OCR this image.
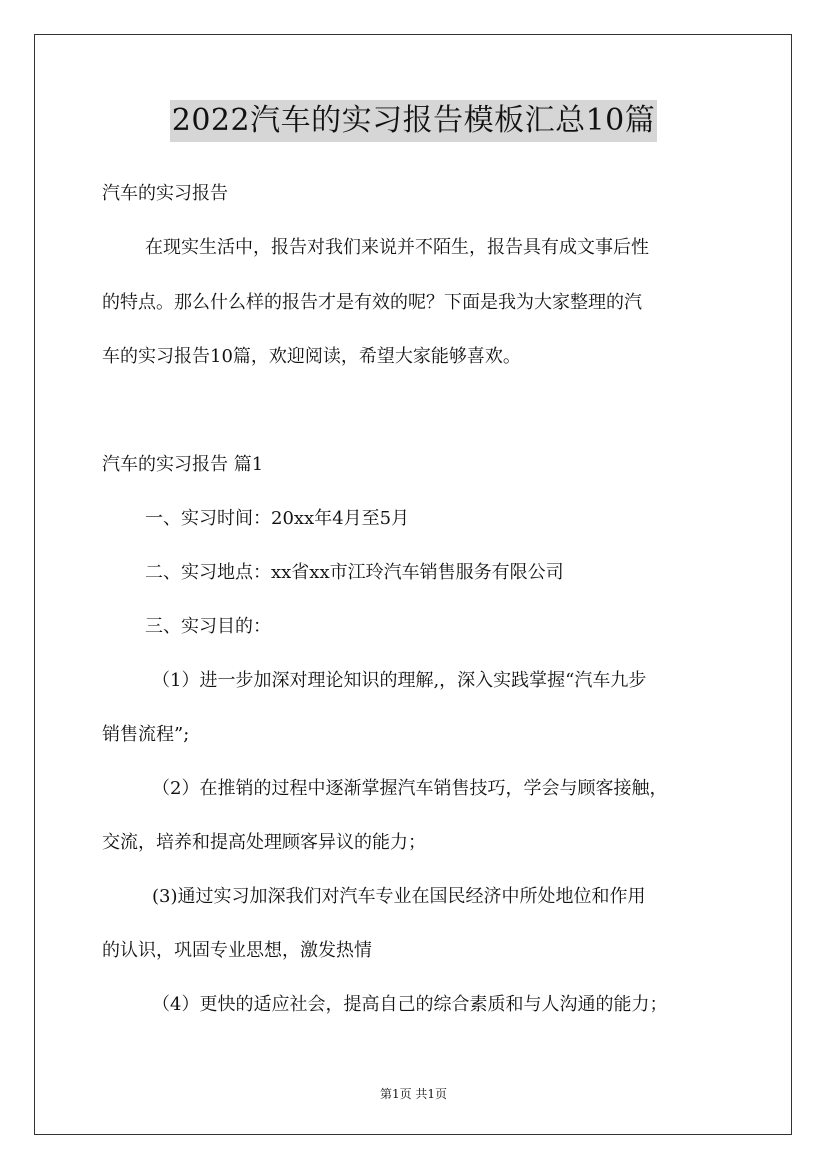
2022汽车的实习报告模板汇总10篇
汽车的实习报告
在现实生活中，报告对我们来说并不陌生，报告具有成文事后性
的特点。那么什么样的报告才是有效的呢？下面是我为大家整理的汽
车的实习报告10篇，欢迎阅读，希望大家能够喜欢。
汽车的实习报告 篇1
一、实习时间：20xx年4月至5月
二、实习地点：xx省xx市江玲汽车销售服务有限公司
三、实习目的：
（1）进一步加深对理论知识的理解,，深入实践掌握“汽车九步
销售流程”;
（2）在推销的过程中逐渐掌握汽车销售技巧，学会与顾客接触，
交流，培养和提高处理顾客异议的能力；
(3)通过实习加深我们对汽车专业在国民经济中所处地位和作用
的认识，巩固专业思想，激发热情
（4）更快的适应社会，提高自己的综合素质和与人沟通的能力；
第1页 共1页
